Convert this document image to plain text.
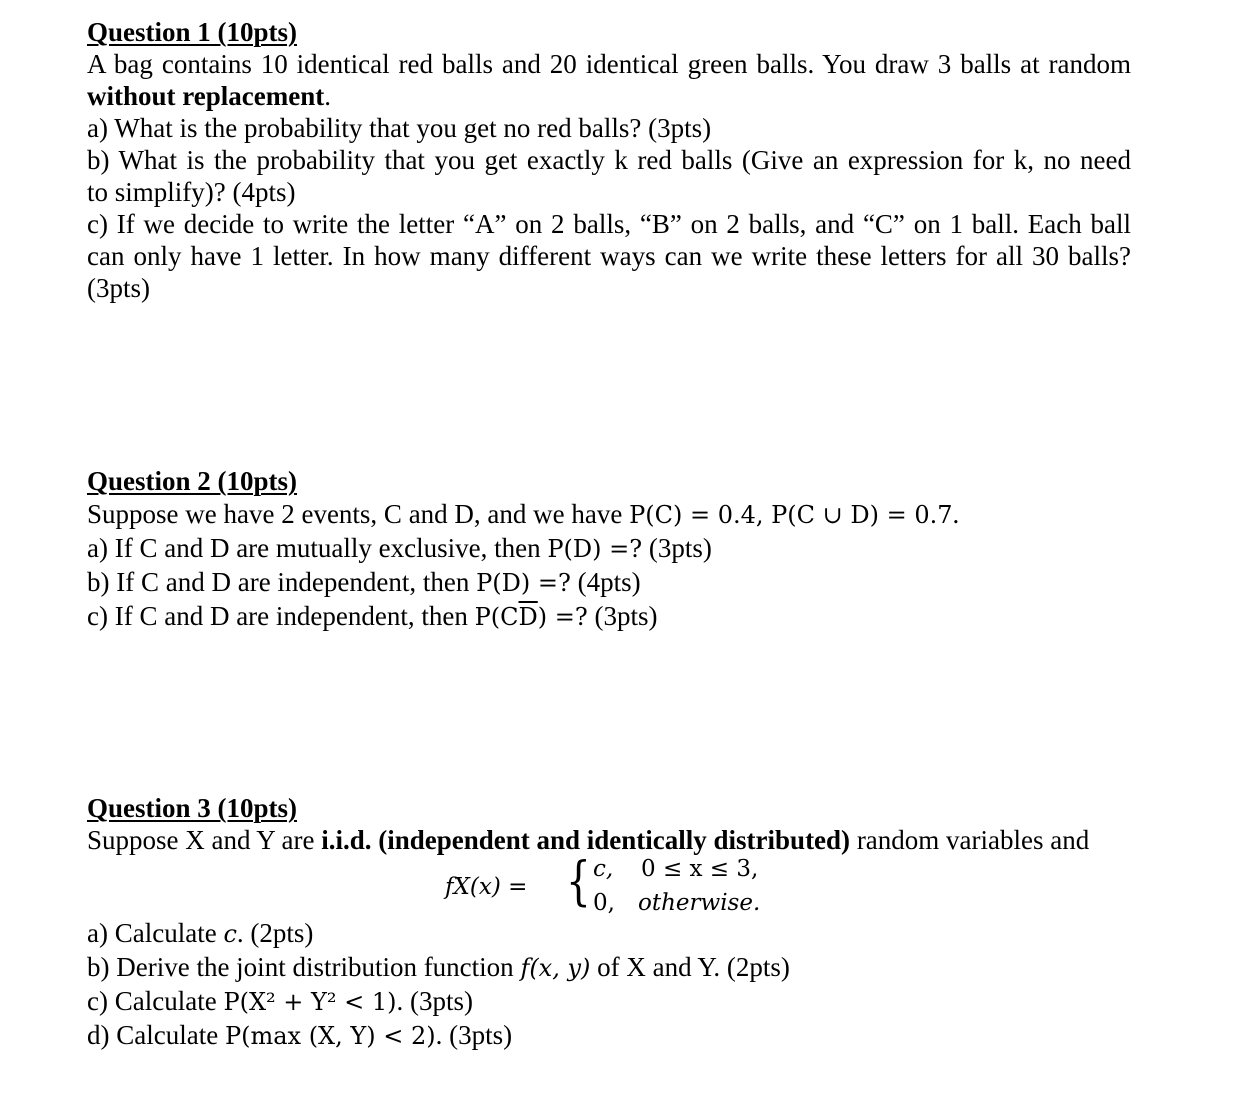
Question 1 (10pts)
A bag contains 10 identical red balls and 20 identical green balls. You draw 3 balls at random
without replacement.
a) What is the probability that you get no red balls? (3pts)
b) What is the probability that you get exactly k red balls (Give an expression for k, no need
to simplify)? (4pts)
c) If we decide to write the letter “A” on 2 balls, “B” on 2 balls, and “C” on 1 ball. Each ball
can only have 1 letter. In how many different ways can we write these letters for all 30 balls?
(3pts)
Question 2 (10pts)
Suppose we have 2 events, C and D, and we have P(C) = 0.4, P(C ∪ D) = 0.7.
a) If C and D are mutually exclusive, then P(D) =? (3pts)
b) If C and D are independent, then P(D) =? (4pts)
c) If C and D are independent, then $P(C\overline{D})$ =? (3pts)
Question 3 (10pts)
Suppose X and Y are i.i.d. (independent and identically distributed) random variables and
fX(x) = { c, 0 ≤ x ≤ 3,
0, otherwise.
a) Calculate c. (2pts)
b) Derive the joint distribution function f(x, y) of X and Y. (2pts)
c) Calculate P(X² + Y² < 1). (3pts)
d) Calculate P(max (X, Y) < 2). (3pts)
